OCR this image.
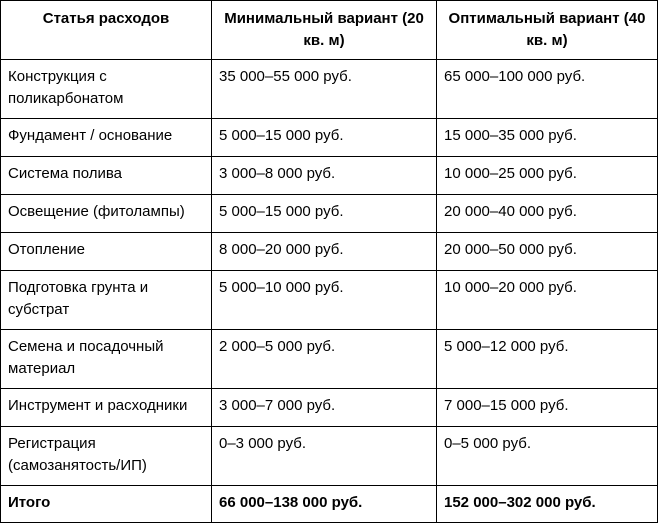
Статья расходов	Минимальный вариант (20 кв. м)	Оптимальный вариант (40 кв. м)
Конструкция с поликарбонатом	35 000–55 000 руб.	65 000–100 000 руб.
Фундамент / основание	5 000–15 000 руб.	15 000–35 000 руб.
Система полива	3 000–8 000 руб.	10 000–25 000 руб.
Освещение (фитолампы)	5 000–15 000 руб.	20 000–40 000 руб.
Отопление	8 000–20 000 руб.	20 000–50 000 руб.
Подготовка грунта и субстрат	5 000–10 000 руб.	10 000–20 000 руб.
Семена и посадочный материал	2 000–5 000 руб.	5 000–12 000 руб.
Инструмент и расходники	3 000–7 000 руб.	7 000–15 000 руб.
Регистрация (самозанятость/ИП)	0–3 000 руб.	0–5 000 руб.
Итого	66 000–138 000 руб.	152 000–302 000 руб.
